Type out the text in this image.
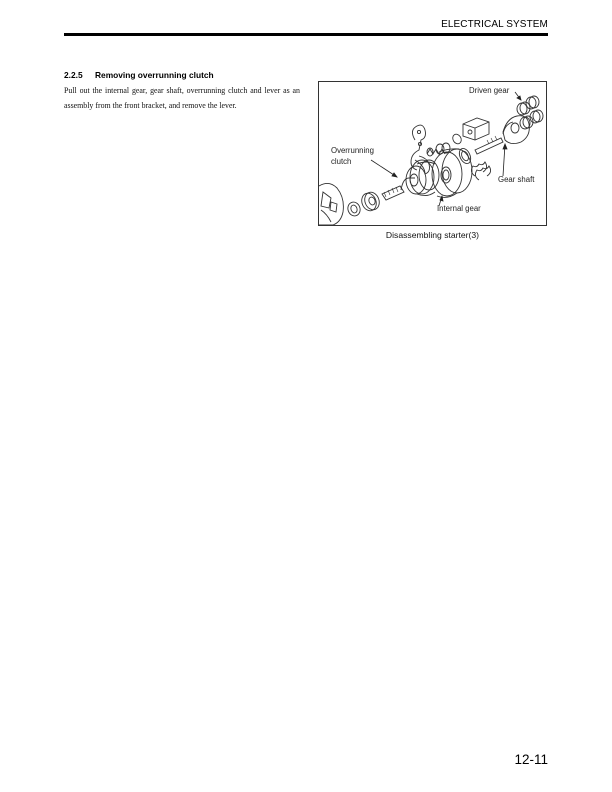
ELECTRICAL SYSTEM
2.2.5 Removing overrunning clutch
Pull out the internal gear, gear shaft, overrunning clutch and lever as an assembly from the front bracket, and remove the lever.
Driven gear
Overrunning
clutch
Gear shaft
Internal gear
Disassembling starter(3)
12-11
